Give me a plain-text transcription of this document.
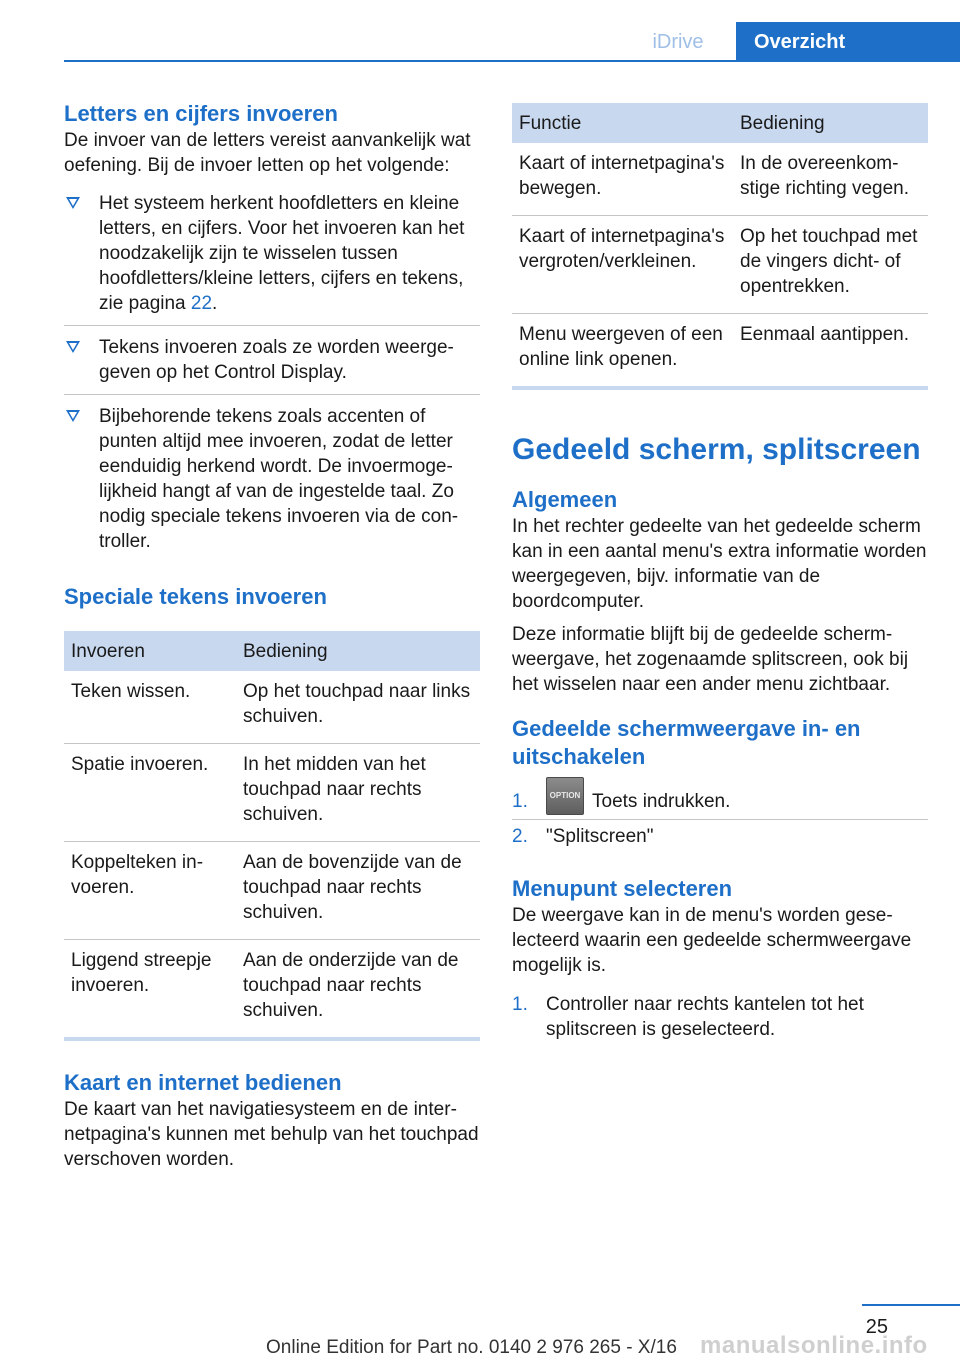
iDrive	Overzicht
Letters en cijfers invoeren

De invoer van de letters vereist aanvankelijk wat oefening. Bij de invoer letten op het volgende:

Het systeem herkent hoofdletters en kleine letters, en cijfers. Voor het invoeren kan het noodzakelijk zijn te wisselen tussen hoofdletters/kleine letters, cijfers en tekens, zie pagina 22.
Tekens invoeren zoals ze worden weergegeven op het Control Display.
Bijbehorende tekens zoals accenten of punten altijd mee invoeren, zodat de letter eenduidig herkend wordt. De invoermogelijkheid hangt af van de ingestelde taal. Zo nodig speciale tekens invoeren via de controller.
Speciale tekens invoeren
Invoeren	Bediening
Teken wissen.	Op het touchpad naar links schuiven.
Spatie invoeren.	In het midden van het touchpad naar rechts schuiven.
Koppelteken invoeren.	Aan de bovenzijde van de touchpad naar rechts schuiven.
Liggend streepje invoeren.	Aan de onderzijde van de touchpad naar rechts schuiven.
Kaart en internet bedienen

De kaart van het navigatiesysteem en de internetpagina's kunnen met behulp van het touchpad verschoven worden.

Functie	Bediening
Kaart of internetpagina's bewegen.	In de overeenkomstige richting vegen.
Kaart of internetpagina's vergroten/verkleinen.	Op het touchpad met de vingers dicht- of opentrekken.
Menu weergeven of een online link openen.	Eenmaal aantippen.
Gedeeld scherm, splitscreen
Algemeen

In het rechter gedeelte van het gedeelde scherm kan in een aantal menu's extra informatie worden weergegeven, bijv. informatie van de boordcomputer.

Deze informatie blijft bij de gedeelde schermweergave, het zogenaamde splitscreen, ook bij het wisselen naar een ander menu zichtbaar.

Gedeelde schermweergave in- en uitschakelen
1.	OPTION Toets indrukken.
2. "Splitscreen"
Menupunt selecteren

De weergave kan in de menu's worden geselecteerd waarin een gedeelde schermweergave mogelijk is.

1. Controller naar rechts kantelen tot het splitscreen is geselecteerd.
25
Online Edition for Part no. 0140 2 976 265 - X/16 manualsonline.info
